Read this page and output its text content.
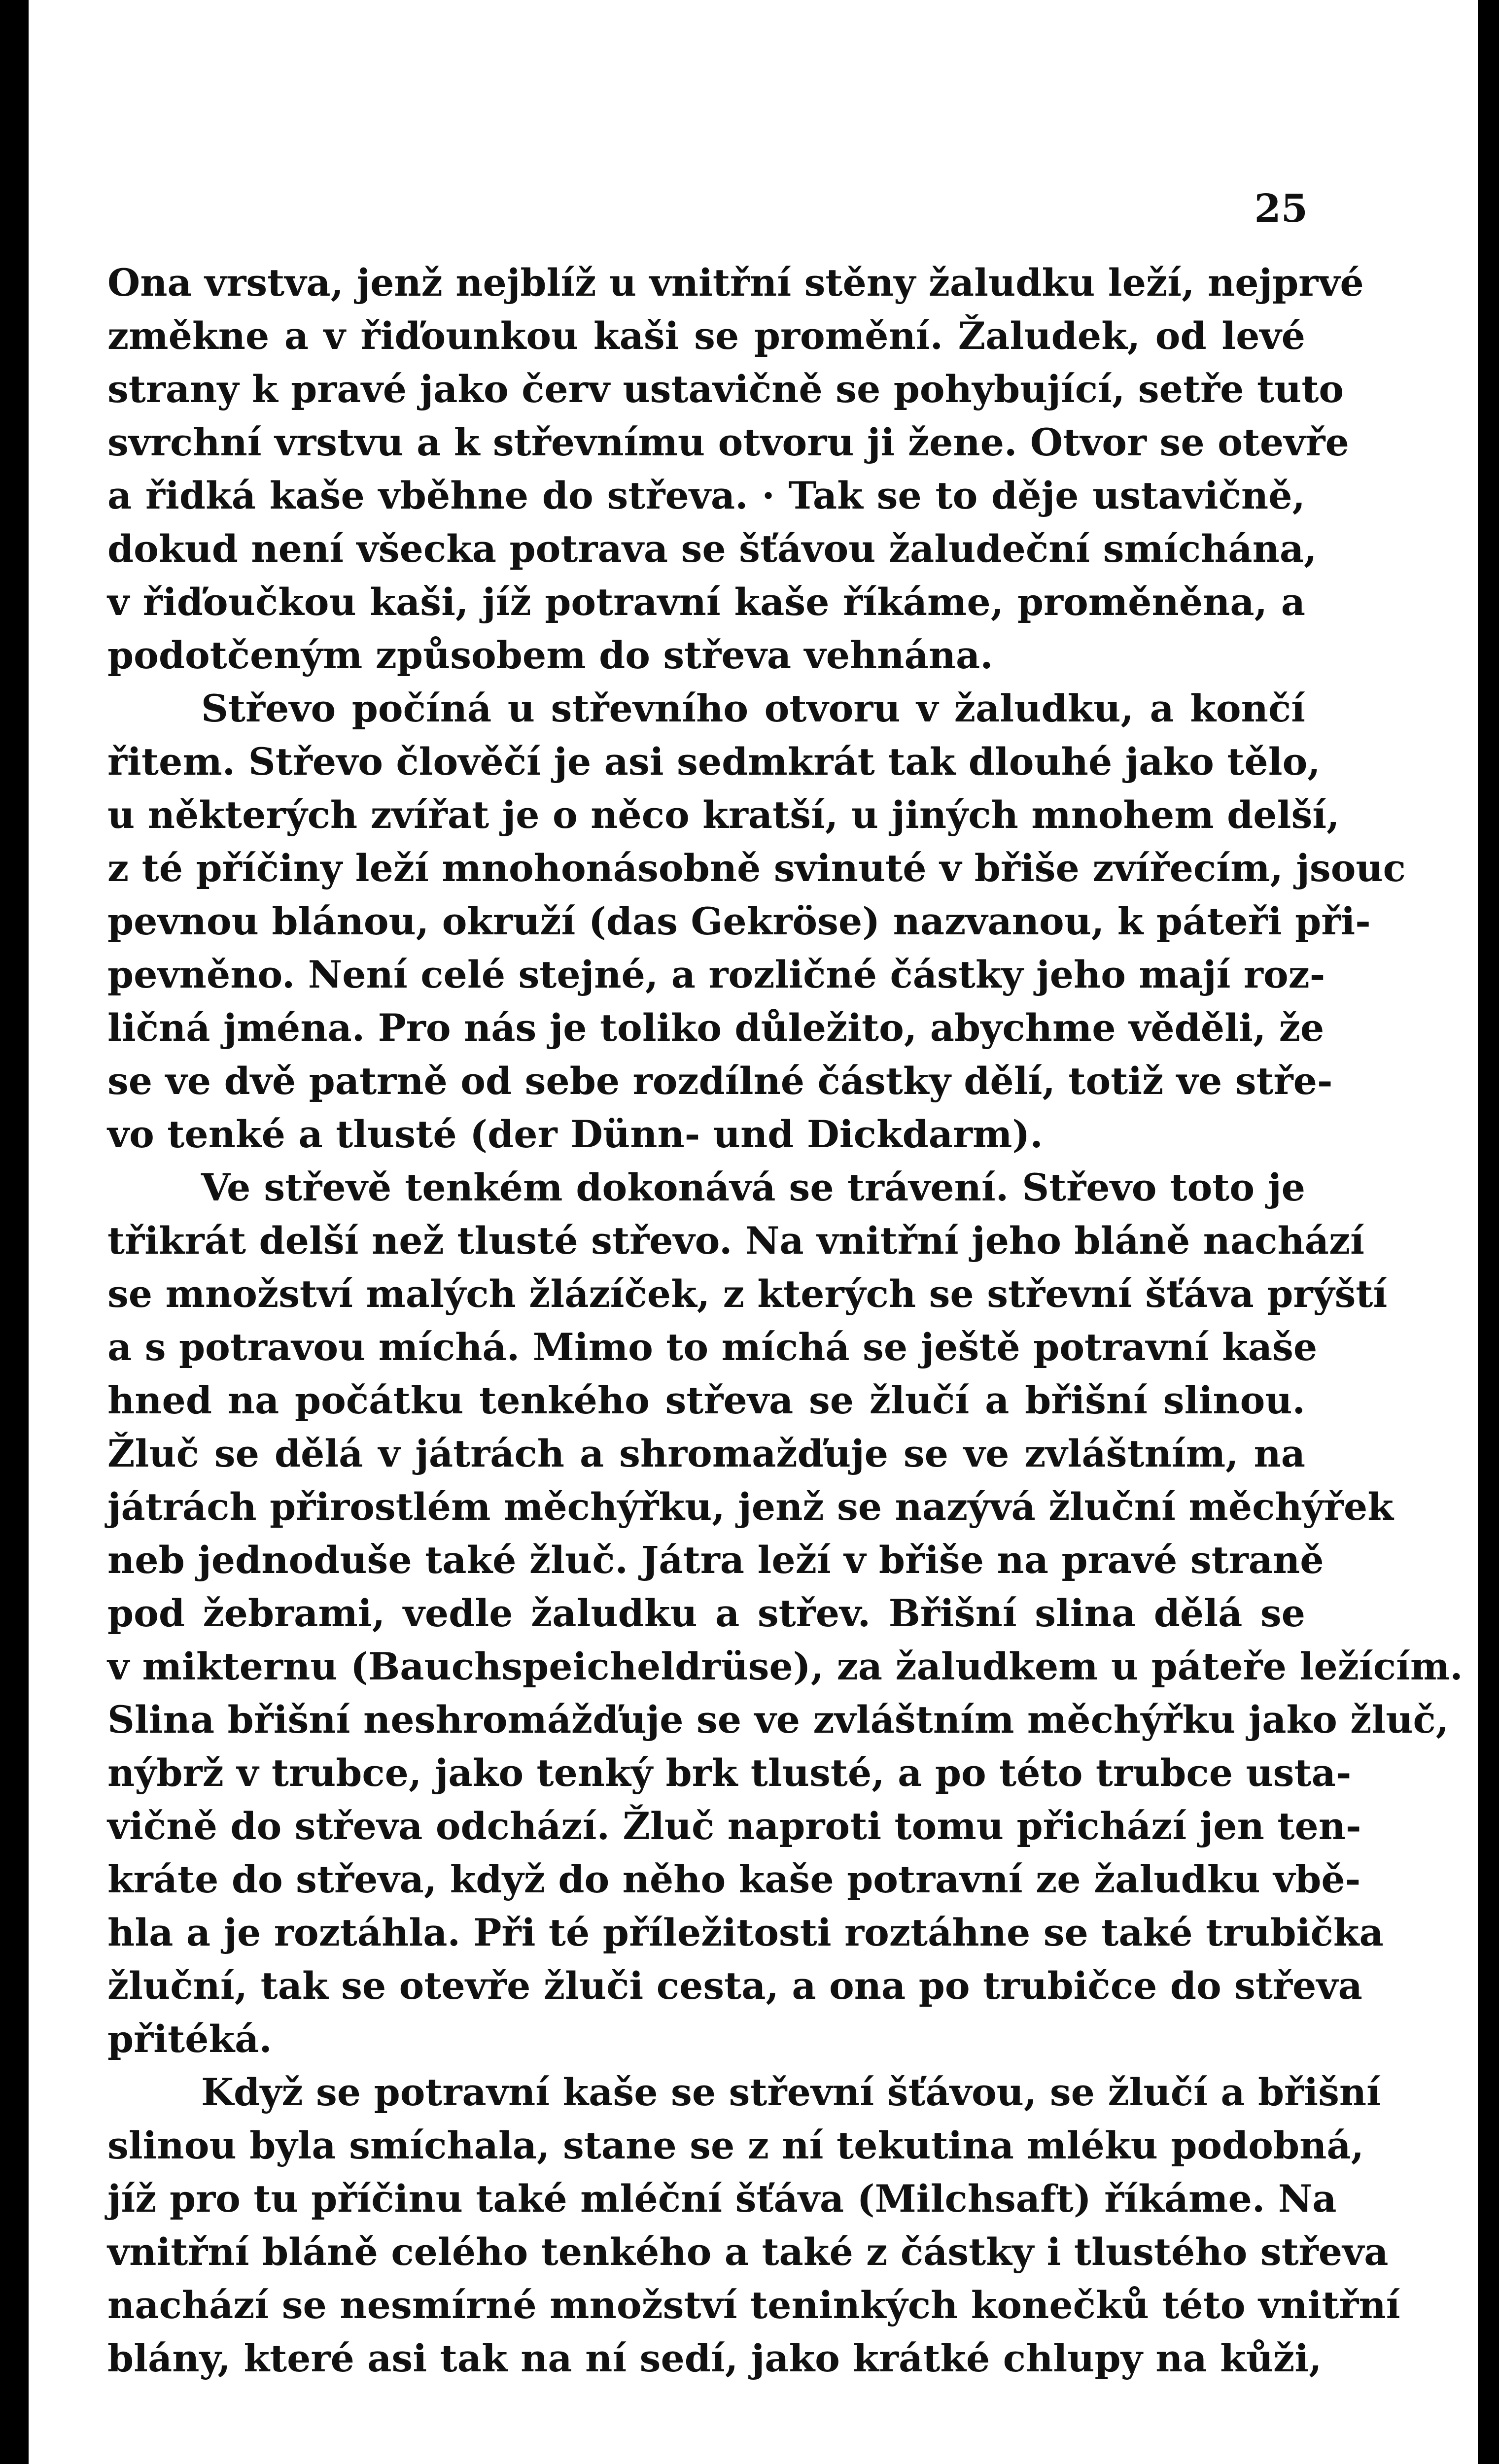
25
Ona vrstva, jenž nejblíž u vnitřní stěny žaludku leží, nejprvé
změkne a v řiďounkou kaši se promění. Žaludek, od levé
strany k pravé jako červ ustavičně se pohybující, setře tuto
svrchní vrstvu a k střevnímu otvoru ji žene. Otvor se otevře
a řidká kaše vběhne do střeva. · Tak se to děje ustavičně,
dokud není všecka potrava se šťávou žaludeční smíchána,
v řiďoučkou kaši, jíž potravní kaše říkáme, proměněna, a
podotčeným způsobem do střeva vehnána.
Střevo počíná u střevního otvoru v žaludku, a končí
řitem. Střevo člověčí je asi sedmkrát tak dlouhé jako tělo,
u některých zvířat je o něco kratší, u jiných mnohem delší,
z té příčiny leží mnohonásobně svinuté v břiše zvířecím, jsouc
pevnou blánou, okruží (das Gekröse) nazvanou, k páteři při-
pevněno. Není celé stejné, a rozličné částky jeho mají roz-
ličná jména. Pro nás je toliko důležito, abychme věděli, že
se ve dvě patrně od sebe rozdílné částky dělí, totiž ve stře-
vo tenké a tlusté (der Dünn- und Dickdarm).
Ve střevě tenkém dokonává se trávení. Střevo toto je
třikrát delší než tlusté střevo. Na vnitřní jeho bláně nachází
se množství malých žlázíček, z kterých se střevní šťáva prýští
a s potravou míchá. Mimo to míchá se ještě potravní kaše
hned na počátku tenkého střeva se žlučí a břišní slinou.
Žluč se dělá v játrách a shromažďuje se ve zvláštním, na
játrách přirostlém měchýřku, jenž se nazývá žluční měchýřek
neb jednoduše také žluč. Játra leží v břiše na pravé straně
pod žebrami, vedle žaludku a střev. Břišní slina dělá se
v mikternu (Bauchspeicheldrüse), za žaludkem u páteře ležícím.
Slina břišní neshromážďuje se ve zvláštním měchýřku jako žluč,
nýbrž v trubce, jako tenký brk tlusté, a po této trubce usta-
vičně do střeva odchází. Žluč naproti tomu přichází jen ten-
kráte do střeva, když do něho kaše potravní ze žaludku vbě-
hla a je roztáhla. Při té příležitosti roztáhne se také trubička
žluční, tak se otevře žluči cesta, a ona po trubičce do střeva
přitéká.
Když se potravní kaše se střevní šťávou, se žlučí a břišní
slinou byla smíchala, stane se z ní tekutina mléku podobná,
jíž pro tu příčinu také mléční šťáva (Milchsaft) říkáme. Na
vnitřní bláně celého tenkého a také z částky i tlustého střeva
nachází se nesmírné množství teninkých konečků této vnitřní
blány, které asi tak na ní sedí, jako krátké chlupy na kůži,
